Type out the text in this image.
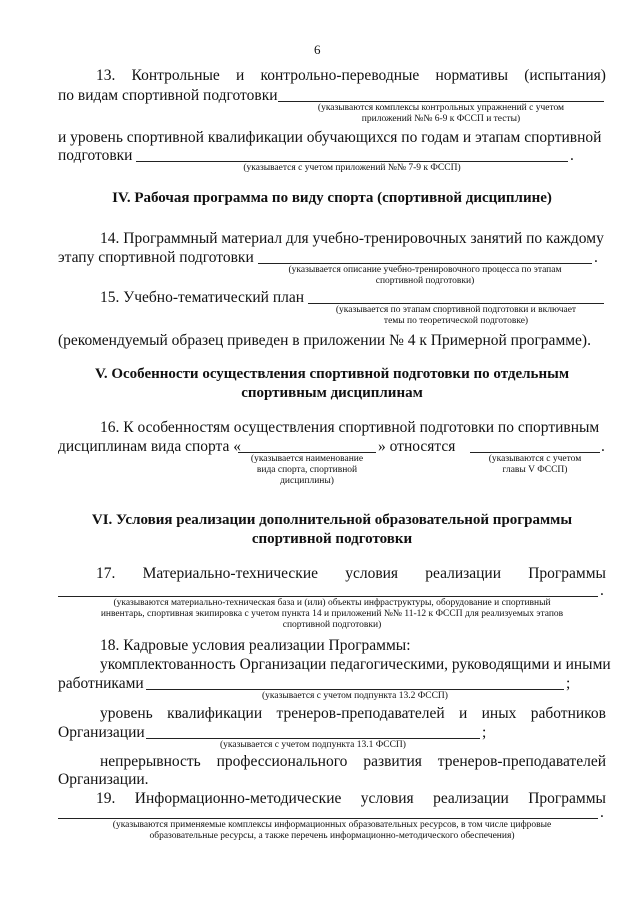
6
13. Контрольные и контрольно-переводные нормативы (испытания)
по видам спортивной подготовки
(указываются комплексы контрольных упражнений с учетом
приложений №№ 6-9 к ФССП и тесты)
и уровень спортивной квалификации обучающихся по годам и этапам спортивной
подготовки	.
(указывается с учетом приложений №№ 7-9 к ФССП)
IV. Рабочая программа по виду спорта (спортивной дисциплине)
14. Программный материал для учебно-тренировочных занятий по каждому
этапу спортивной подготовки	.
(указывается описание учебно-тренировочного процесса по этапам
спортивной подготовки)
15. Учебно-тематический план
(указывается по этапам спортивной подготовки и включает
темы по теоретической подготовке)
(рекомендуемый образец приведен в приложении № 4 к Примерной программе).
V. Особенности осуществления спортивной подготовки по отдельным
спортивным дисциплинам
16. К особенностям осуществления спортивной подготовки по спортивным
дисциплинам вида спорта «	» относятся	.
(указывается наименование
вида спорта, спортивной
дисциплины)
(указываются с учетом
главы V ФССП)
VI. Условия реализации дополнительной образовательной программы
спортивной подготовки
17. Материально-технические условия реализации Программы
.
(указываются материально-техническая база и (или) объекты инфраструктуры, оборудование и спортивный
инвентарь, спортивная экипировка с учетом пункта 14 и приложений №№ 11-12 к ФССП для реализуемых этапов
спортивной подготовки)
18. Кадровые условия реализации Программы:
укомплектованность Организации педагогическими, руководящими и иными
работниками	;
(указывается с учетом подпункта 13.2 ФССП)
уровень квалификации тренеров-преподавателей и иных работников
Организации	;
(указывается с учетом подпункта 13.1 ФССП)
непрерывность профессионального развития тренеров-преподавателей
Организации.
19. Информационно-методические условия реализации Программы
.
(указываются применяемые комплексы информационных образовательных ресурсов, в том числе цифровые
образовательные ресурсы, а также перечень информационно-методического обеспечения)
